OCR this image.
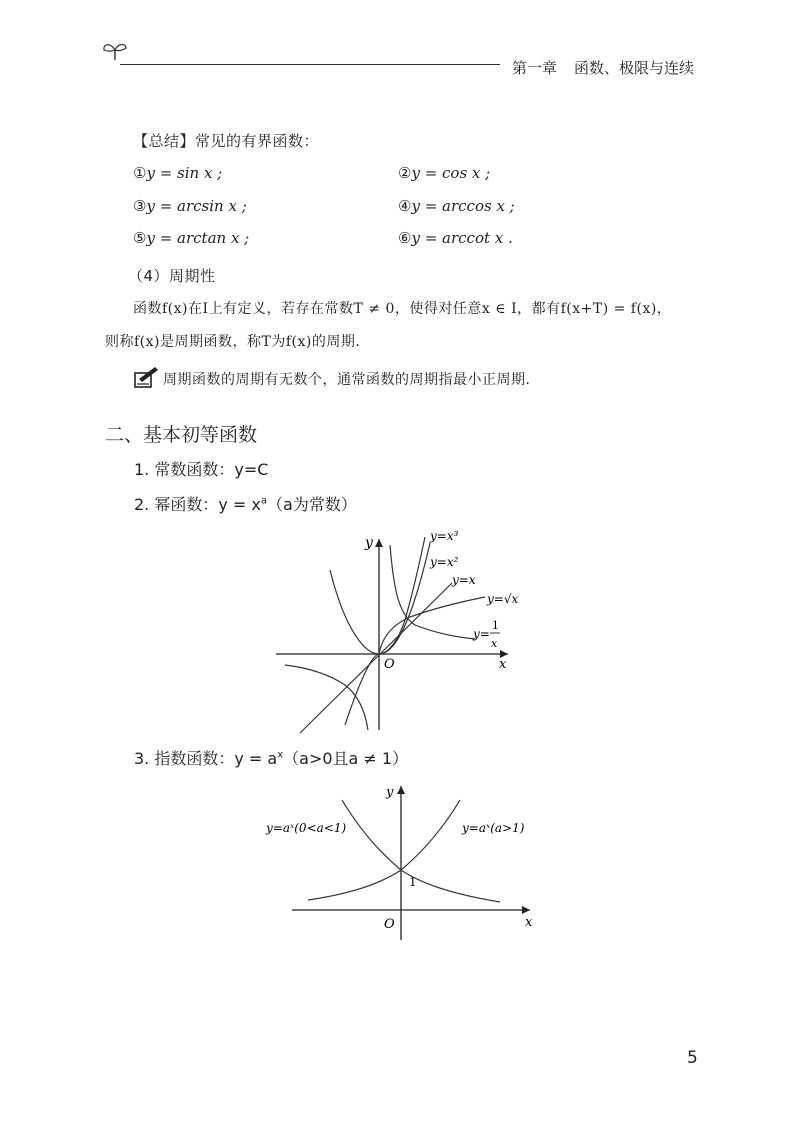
第一章 函数、极限与连续
【总结】常见的有界函数：
①y = sin x ;	②y = cos x ;
③y = arcsin x ;	④y = arccos x ;
⑤y = arctan x ;	⑥y = arccot x .
（4）周期性
函数f(x)在I上有定义，若存在常数T ≠ 0，使得对任意x ∈ I，都有f(x+T) = f(x)，
则称f(x)是周期函数，称T为f(x)的周期．
周期函数的周期有无数个，通常函数的周期指最小正周期．
二、基本初等函数
1. 常数函数：y=C
2. 幂函数：$y = x^a(a$为常数）
y
x
O
y=x³
y=x²
y=x
y=√x
y=
1
x
3. 指数函数：$y = a^x(a>0$且a ≠ 1）
y
x
O
1
y=aˣ(0<a<1)	y=aˣ(a>1)
5
